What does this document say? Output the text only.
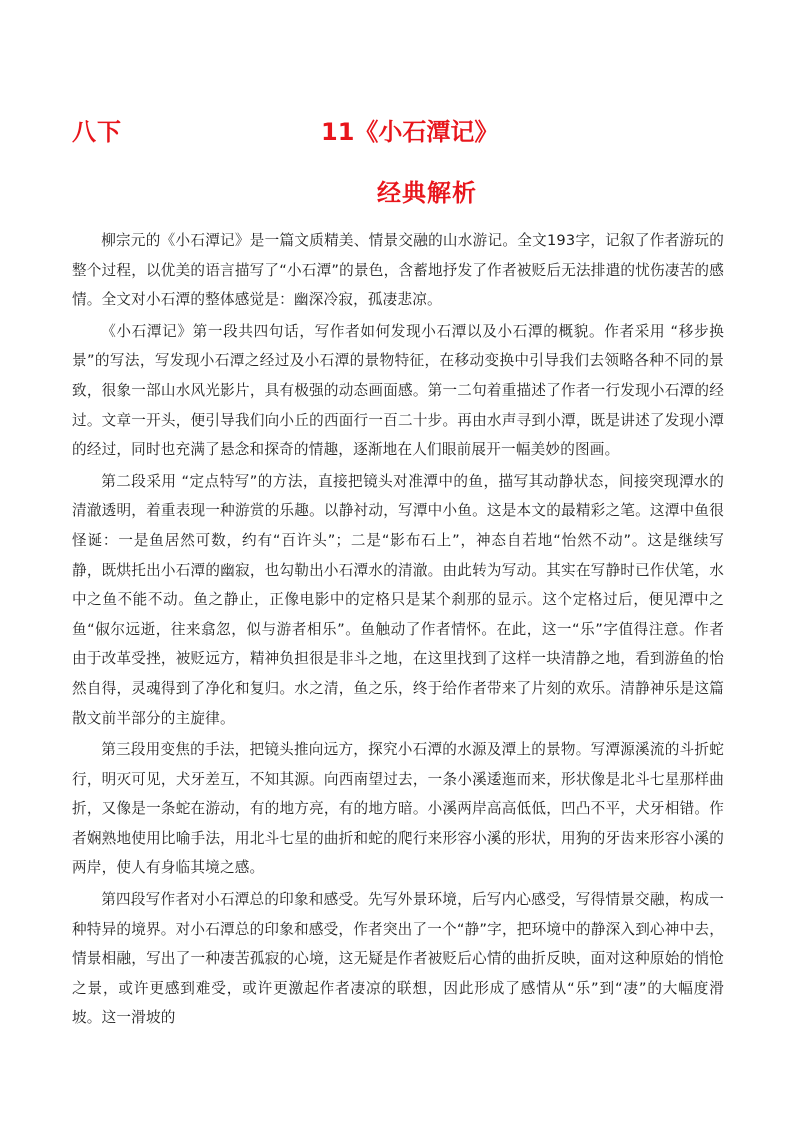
八下	11《小石潭记》
经典解析

柳宗元的《小石潭记》是一篇文质精美、情景交融的山水游记。全文193字，记叙了作者游玩的整个过程，以优美的语言描写了“小石潭”的景色，含蓄地抒发了作者被贬后无法排遣的忧伤凄苦的感情。全文对小石潭的整体感觉是：幽深冷寂，孤凄悲凉。

《小石潭记》第一段共四句话，写作者如何发现小石潭以及小石潭的概貌。作者采用 “移步换景”的写法，写发现小石潭之经过及小石潭的景物特征，在移动变换中引导我们去领略各种不同的景致，很象一部山水风光影片，具有极强的动态画面感。第一二句着重描述了作者一行发现小石潭的经过。文章一开头，便引导我们向小丘的西面行一百二十步。再由水声寻到小潭，既是讲述了发现小潭的经过，同时也充满了悬念和探奇的情趣，逐渐地在人们眼前展开一幅美妙的图画。

第二段采用 “定点特写”的方法，直接把镜头对准潭中的鱼，描写其动静状态，间接突现潭水的清澈透明，着重表现一种游赏的乐趣。以静衬动，写潭中小鱼。这是本文的最精彩之笔。这潭中鱼很怪诞：一是鱼居然可数，约有“百许头”；二是“影布石上”，神态自若地“怡然不动”。这是继续写静，既烘托出小石潭的幽寂，也勾勒出小石潭水的清澈。由此转为写动。其实在写静时已作伏笔，水中之鱼不能不动。鱼之静止，正像电影中的定格只是某个刹那的显示。这个定格过后，便见潭中之鱼“俶尔远逝，往来翕忽，似与游者相乐”。鱼触动了作者情怀。在此，这一“乐”字值得注意。作者由于改革受挫，被贬远方，精神负担很是非斗之地，在这里找到了这样一块清静之地，看到游鱼的怡然自得，灵魂得到了净化和复归。水之清，鱼之乐，终于给作者带来了片刻的欢乐。清静神乐是这篇散文前半部分的主旋律。

第三段用变焦的手法，把镜头推向远方，探究小石潭的水源及潭上的景物。写潭源溪流的斗折蛇行，明灭可见，犬牙差互，不知其源。向西南望过去，一条小溪逶迤而来，形状像是北斗七星那样曲折，又像是一条蛇在游动，有的地方亮，有的地方暗。小溪两岸高高低低，凹凸不平，犬牙相错。作者娴熟地使用比喻手法，用北斗七星的曲折和蛇的爬行来形容小溪的形状，用狗的牙齿来形容小溪的两岸，使人有身临其境之感。

第四段写作者对小石潭总的印象和感受。先写外景环境，后写内心感受，写得情景交融，构成一种特异的境界。对小石潭总的印象和感受，作者突出了一个“静”字，把环境中的静深入到心神中去，情景相融，写出了一种凄苦孤寂的心境，这无疑是作者被贬后心情的曲折反映，面对这种原始的悄怆之景，或许更感到难受，或许更激起作者凄凉的联想，因此形成了感情从“乐”到“凄”的大幅度滑坡。这一滑坡的
